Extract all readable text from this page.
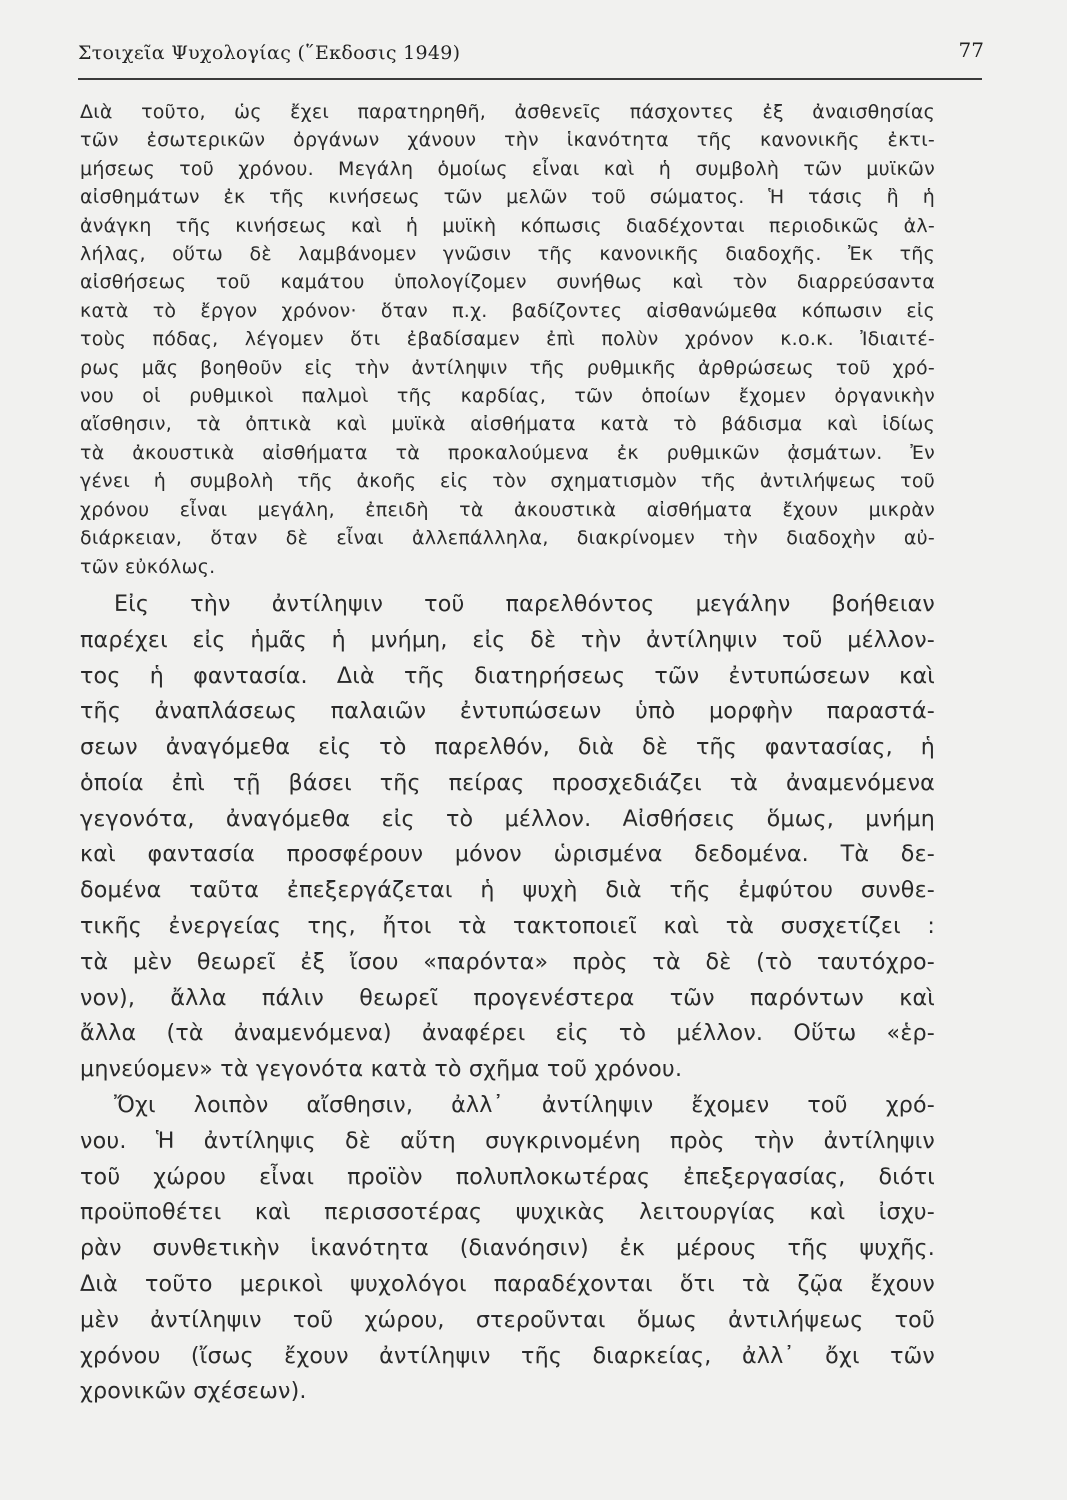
Στοιχεῖα Ψυχολογίας (῞Εκδοσις 1949)	77

Διὰ τοῦτο, ὡς ἔχει παρατηρηθῆ, ἀσθενεῖς πάσχοντες ἐξ ἀναισθησίας

τῶν ἐσωτερικῶν ὀργάνων χάνουν τὴν ἱκανότητα τῆς κανονικῆς ἐκτι-

μήσεως τοῦ χρόνου. Μεγάλη ὁμοίως εἶναι καὶ ἡ συμβολὴ τῶν μυϊκῶν

αἰσθημάτων ἐκ τῆς κινήσεως τῶν μελῶν τοῦ σώματος. Ἡ τάσις ἢ ἡ

ἀνάγκη τῆς κινήσεως καὶ ἡ μυϊκὴ κόπωσις διαδέχονται περιοδικῶς ἀλ-

λήλας, οὕτω δὲ λαμβάνομεν γνῶσιν τῆς κανονικῆς διαδοχῆς. Ἐκ τῆς

αἰσθήσεως τοῦ καμάτου ὑπολογίζομεν συνήθως καὶ τὸν διαρρεύσαντα

κατὰ τὸ ἔργον χρόνον· ὅταν π.χ. βαδίζοντες αἰσθανώμεθα κόπωσιν εἰς

τοὺς πόδας, λέγομεν ὅτι ἐβαδίσαμεν ἐπὶ πολὺν χρόνον κ.ο.κ. Ἰδιαιτέ-

ρως μᾶς βοηθοῦν εἰς τὴν ἀντίληψιν τῆς ρυθμικῆς ἀρθρώσεως τοῦ χρό-

νου οἱ ρυθμικοὶ παλμοὶ τῆς καρδίας, τῶν ὁποίων ἔχομεν ὀργανικὴν

αἴσθησιν, τὰ ὀπτικὰ καὶ μυϊκὰ αἰσθήματα κατὰ τὸ βάδισμα καὶ ἰδίως

τὰ ἀκουστικὰ αἰσθήματα τὰ προκαλούμενα ἐκ ρυθμικῶν ᾀσμάτων. Ἐν

γένει ἡ συμβολὴ τῆς ἀκοῆς εἰς τὸν σχηματισμὸν τῆς ἀντιλήψεως τοῦ

χρόνου εἶναι μεγάλη, ἐπειδὴ τὰ ἀκουστικὰ αἰσθήματα ἔχουν μικρὰν

διάρκειαν, ὅταν δὲ εἶναι ἀλλεπάλληλα, διακρίνομεν τὴν διαδοχὴν αὐ-

τῶν εὐκόλως.

Εἰς τὴν ἀντίληψιν τοῦ παρελθόντος μεγάλην βοήθειαν

παρέχει εἰς ἡμᾶς ἡ μνήμη, εἰς δὲ τὴν ἀντίληψιν τοῦ μέλλον-

τος ἡ φαντασία. Διὰ τῆς διατηρήσεως τῶν ἐντυπώσεων καὶ

τῆς ἀναπλάσεως παλαιῶν ἐντυπώσεων ὑπὸ μορφὴν παραστά-

σεων ἀναγόμεθα εἰς τὸ παρελθόν, διὰ δὲ τῆς φαντασίας, ἡ

ὁποία ἐπὶ τῇ βάσει τῆς πείρας προσχεδιάζει τὰ ἀναμενόμενα

γεγονότα, ἀναγόμεθα εἰς τὸ μέλλον. Αἰσθήσεις ὅμως, μνήμη

καὶ φαντασία προσφέρουν μόνον ὡρισμένα δεδομένα. Τὰ δε-

δομένα ταῦτα ἐπεξεργάζεται ἡ ψυχὴ διὰ τῆς ἐμφύτου συνθε-

τικῆς ἐνεργείας της, ἤτοι τὰ τακτοποιεῖ καὶ τὰ συσχετίζει :

τὰ μὲν θεωρεῖ ἐξ ἴσου «παρόντα» πρὸς τὰ δὲ (τὸ ταυτόχρο-

νον), ἄλλα πάλιν θεωρεῖ προγενέστερα τῶν παρόντων καὶ

ἄλλα (τὰ ἀναμενόμενα) ἀναφέρει εἰς τὸ μέλλον. Οὕτω «ἑρ-

μηνεύομεν» τὰ γεγονότα κατὰ τὸ σχῆμα τοῦ χρόνου.

Ὄχι λοιπὸν αἴσθησιν, ἀλλ᾽ ἀντίληψιν ἔχομεν τοῦ χρό-

νου. Ἡ ἀντίληψις δὲ αὕτη συγκρινομένη πρὸς τὴν ἀντίληψιν

τοῦ χώρου εἶναι προϊὸν πολυπλοκωτέρας ἐπεξεργασίας, διότι

προϋποθέτει καὶ περισσοτέρας ψυχικὰς λειτουργίας καὶ ἰσχυ-

ρὰν συνθετικὴν ἱκανότητα (διανόησιν) ἐκ μέρους τῆς ψυχῆς.

Διὰ τοῦτο μερικοὶ ψυχολόγοι παραδέχονται ὅτι τὰ ζῷα ἔχουν

μὲν ἀντίληψιν τοῦ χώρου, στεροῦνται ὅμως ἀντιλήψεως τοῦ

χρόνου (ἴσως ἔχουν ἀντίληψιν τῆς διαρκείας, ἀλλ᾽ ὄχι τῶν

χρονικῶν σχέσεων).
